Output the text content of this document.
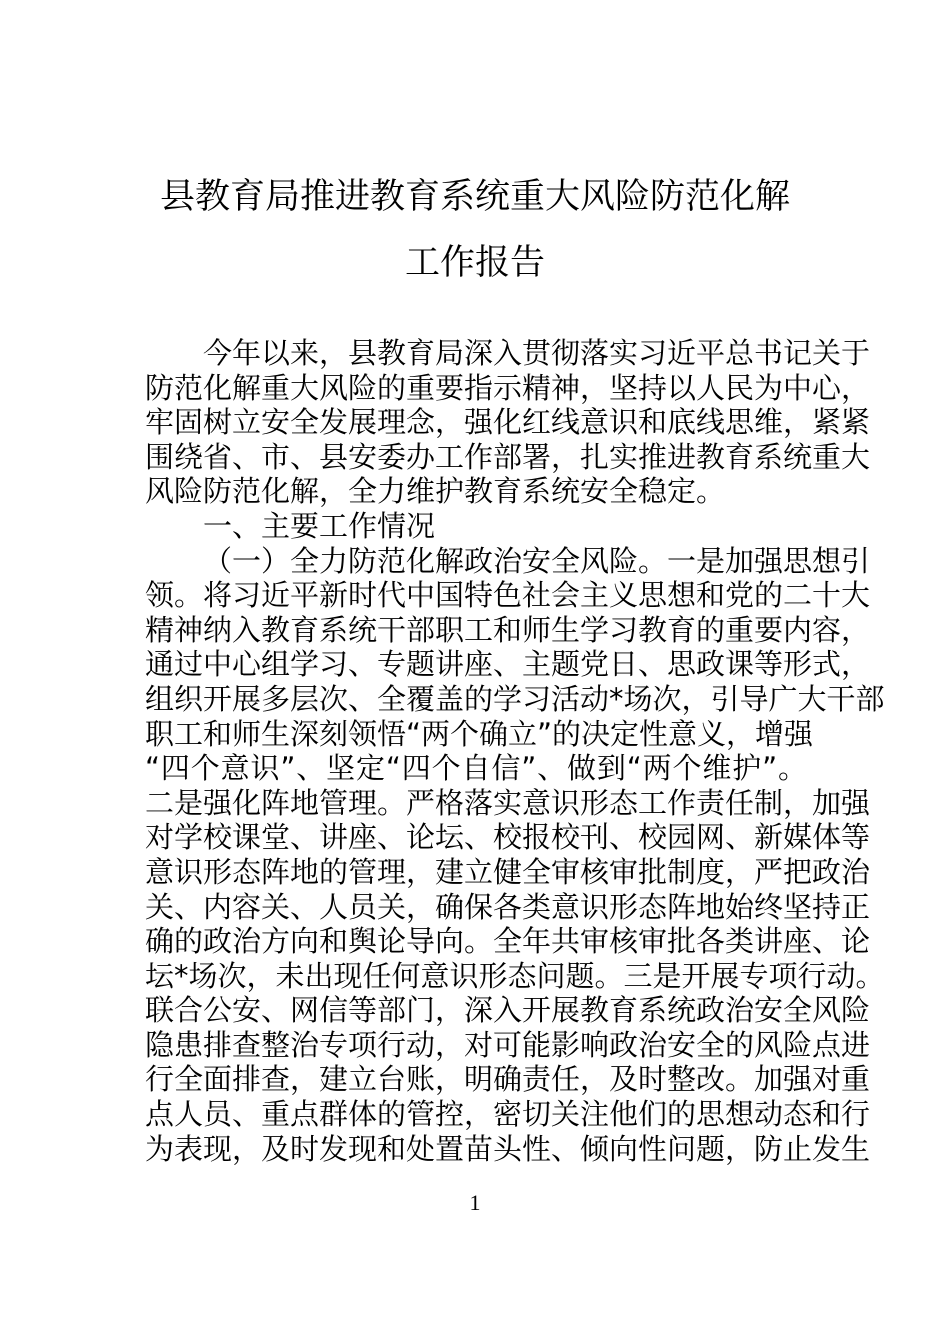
县教育局推进教育系统重大风险防范化解
工作报告
今年以来，县教育局深入贯彻落实习近平总书记关于
防范化解重大风险的重要指示精神，坚持以人民为中心，
牢固树立安全发展理念，强化红线意识和底线思维，紧紧
围绕省、市、县安委办工作部署，扎实推进教育系统重大
风险防范化解，全力维护教育系统安全稳定。
一、主要工作情况
（一）全力防范化解政治安全风险。一是加强思想引
领。将习近平新时代中国特色社会主义思想和党的二十大
精神纳入教育系统干部职工和师生学习教育的重要内容，
通过中心组学习、专题讲座、主题党日、思政课等形式，
组织开展多层次、全覆盖的学习活动*场次，引导广大干部
职工和师生深刻领悟“两个确立”的决定性意义，增强
“四个意识”、坚定“四个自信”、做到“两个维护”。
二是强化阵地管理。严格落实意识形态工作责任制，加强
对学校课堂、讲座、论坛、校报校刊、校园网、新媒体等
意识形态阵地的管理，建立健全审核审批制度，严把政治
关、内容关、人员关，确保各类意识形态阵地始终坚持正
确的政治方向和舆论导向。全年共审核审批各类讲座、论
坛*场次，未出现任何意识形态问题。三是开展专项行动。
联合公安、网信等部门，深入开展教育系统政治安全风险
隐患排查整治专项行动，对可能影响政治安全的风险点进
行全面排查，建立台账，明确责任，及时整改。加强对重
点人员、重点群体的管控，密切关注他们的思想动态和行
为表现，及时发现和处置苗头性、倾向性问题，防止发生
1
